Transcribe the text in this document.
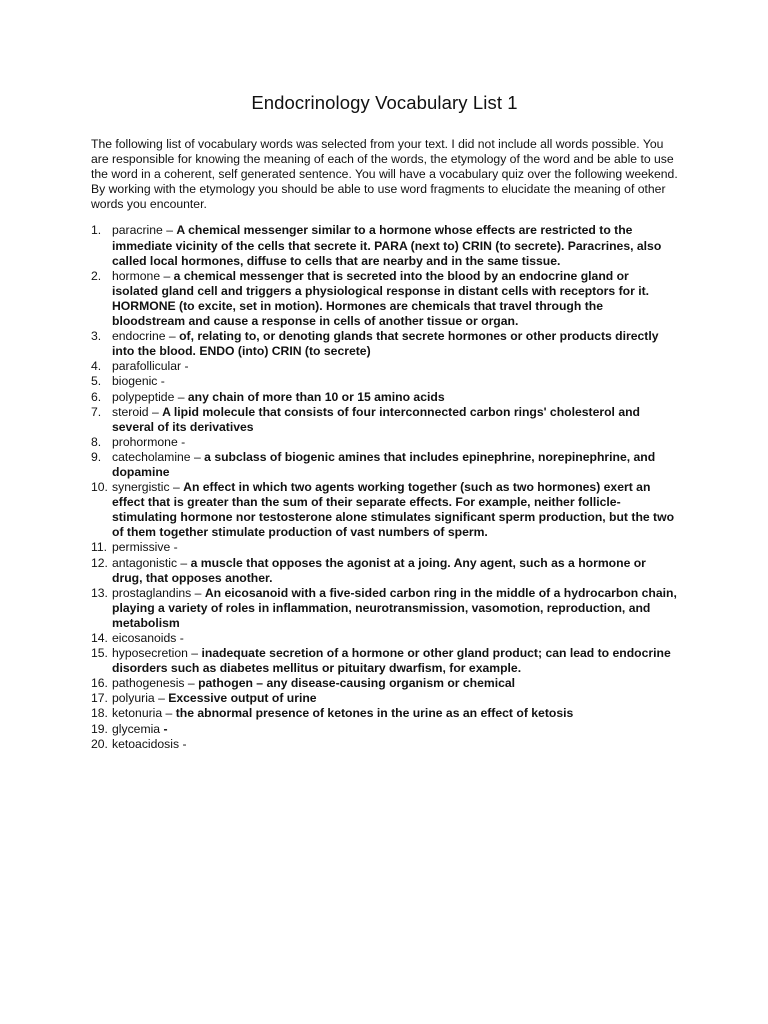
Endocrinology Vocabulary List 1

The following list of vocabulary words was selected from your text. I did not include all words possible. You are responsible for knowing the meaning of each of the words, the etymology of the word and be able to use the word in a coherent, self generated sentence. You will have a vocabulary quiz over the following weekend. By working with the etymology you should be able to use word fragments to elucidate the meaning of other words you encounter.

1. paracrine – A chemical messenger similar to a hormone whose effects are restricted to the immediate vicinity of the cells that secrete it. PARA (next to) CRIN (to secrete). Paracrines, also called local hormones, diffuse to cells that are nearby and in the same tissue.
2. hormone – a chemical messenger that is secreted into the blood by an endocrine gland or isolated gland cell and triggers a physiological response in distant cells with receptors for it. HORMONE (to excite, set in motion). Hormones are chemicals that travel through the bloodstream and cause a response in cells of another tissue or organ.
3. endocrine – of, relating to, or denoting glands that secrete hormones or other products directly into the blood. ENDO (into) CRIN (to secrete)
4. parafollicular -
5. biogenic -
6. polypeptide – any chain of more than 10 or 15 amino acids
7. steroid – A lipid molecule that consists of four interconnected carbon rings' cholesterol and several of its derivatives
8. prohormone -
9. catecholamine – a subclass of biogenic amines that includes epinephrine, norepinephrine, and dopamine
10. synergistic – An effect in which two agents working together (such as two hormones) exert an effect that is greater than the sum of their separate effects. For example, neither follicle-stimulating hormone nor testosterone alone stimulates significant sperm production, but the two of them together stimulate production of vast numbers of sperm.
11. permissive -
12. antagonistic – a muscle that opposes the agonist at a joing. Any agent, such as a hormone or drug, that opposes another.
13. prostaglandins – An eicosanoid with a five-sided carbon ring in the middle of a hydrocarbon chain, playing a variety of roles in inflammation, neurotransmission, vasomotion, reproduction, and metabolism
14. eicosanoids -
15. hyposecretion – inadequate secretion of a hormone or other gland product; can lead to endocrine disorders such as diabetes mellitus or pituitary dwarfism, for example.
16. pathogenesis – pathogen – any disease-causing organism or chemical
17. polyuria – Excessive output of urine
18. ketonuria – the abnormal presence of ketones in the urine as an effect of ketosis
19. glycemia -
20. ketoacidosis -
